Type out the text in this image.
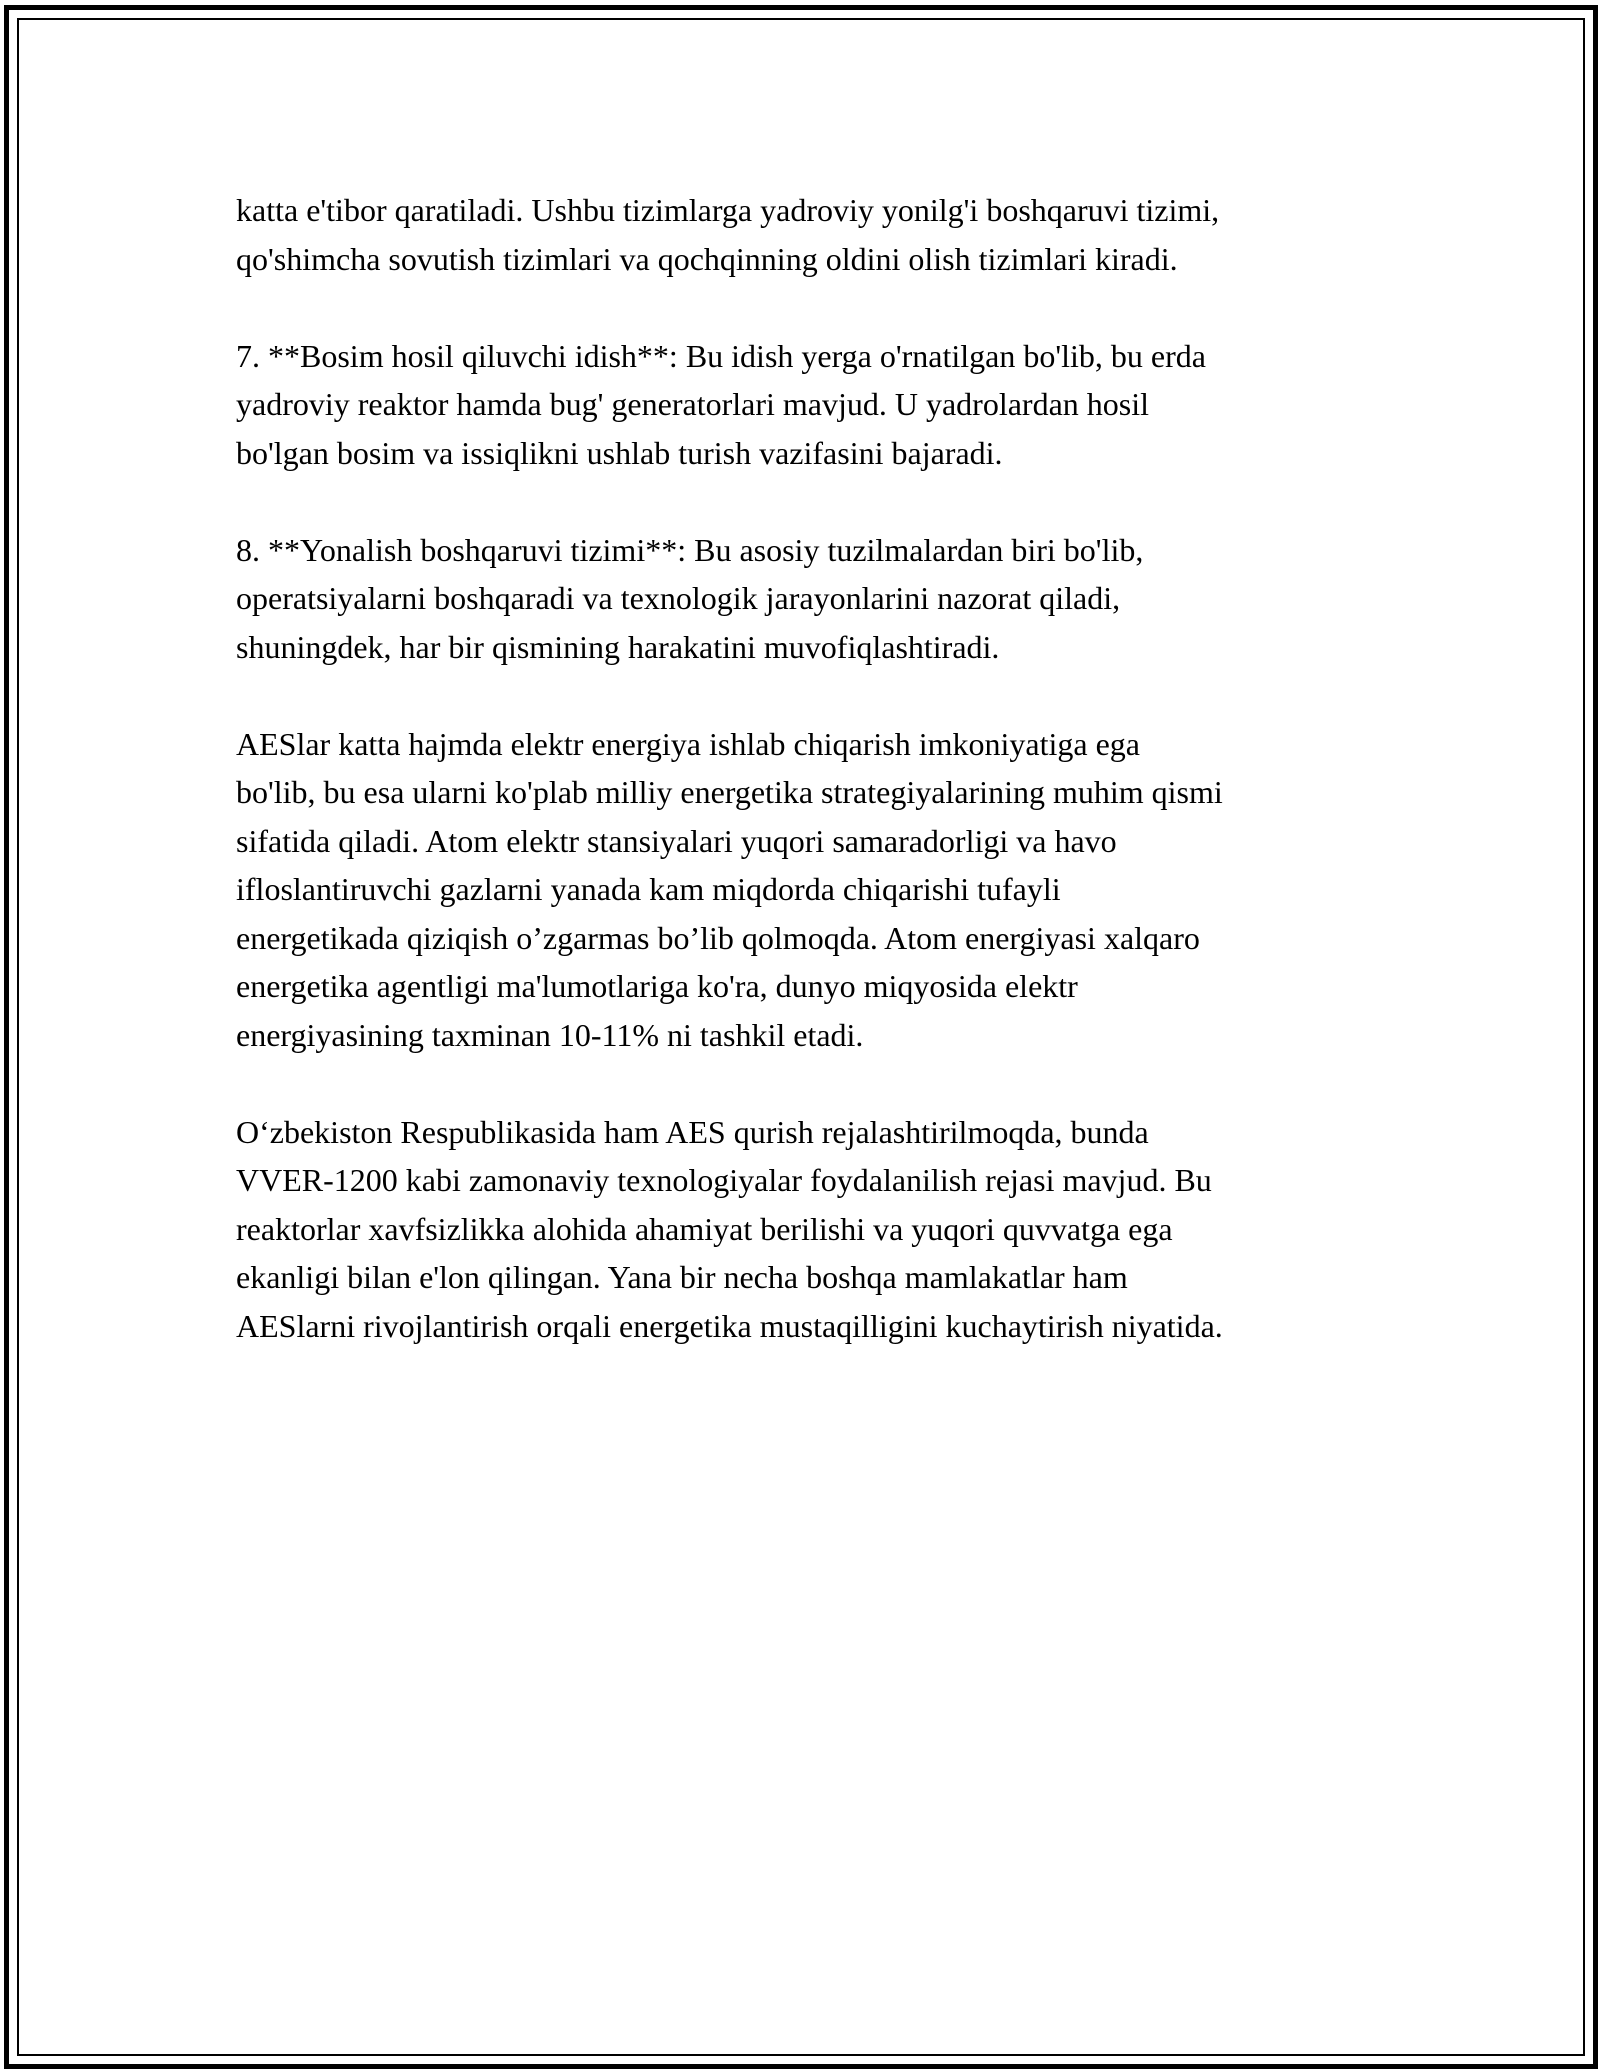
katta e'tibor qaratiladi. Ushbu tizimlarga yadroviy yonilg'i boshqaruvi tizimi,
qo'shimcha sovutish tizimlari va qochqinning oldini olish tizimlari kiradi.

7. **Bosim hosil qiluvchi idish**: Bu idish yerga o'rnatilgan bo'lib, bu erda
yadroviy reaktor hamda bug' generatorlari mavjud. U yadrolardan hosil
bo'lgan bosim va issiqlikni ushlab turish vazifasini bajaradi.

8. **Yonalish boshqaruvi tizimi**: Bu asosiy tuzilmalardan biri bo'lib,
operatsiyalarni boshqaradi va texnologik jarayonlarini nazorat qiladi,
shuningdek, har bir qismining harakatini muvofiqlashtiradi.

AESlar katta hajmda elektr energiya ishlab chiqarish imkoniyatiga ega
bo'lib, bu esa ularni ko'plab milliy energetika strategiyalarining muhim qismi
sifatida qiladi. Atom elektr stansiyalari yuqori samaradorligi va havo
ifloslantiruvchi gazlarni yanada kam miqdorda chiqarishi tufayli
energetikada qiziqish o’zgarmas bo’lib qolmoqda. Atom energiyasi xalqaro
energetika agentligi ma'lumotlariga ko'ra, dunyo miqyosida elektr
energiyasining taxminan 10-11% ni tashkil etadi.

O‘zbekiston Respublikasida ham AES qurish rejalashtirilmoqda, bunda
VVER-1200 kabi zamonaviy texnologiyalar foydalanilish rejasi mavjud. Bu
reaktorlar xavfsizlikka alohida ahamiyat berilishi va yuqori quvvatga ega
ekanligi bilan e'lon qilingan. Yana bir necha boshqa mamlakatlar ham
AESlarni rivojlantirish orqali energetika mustaqilligini kuchaytirish niyatida.
